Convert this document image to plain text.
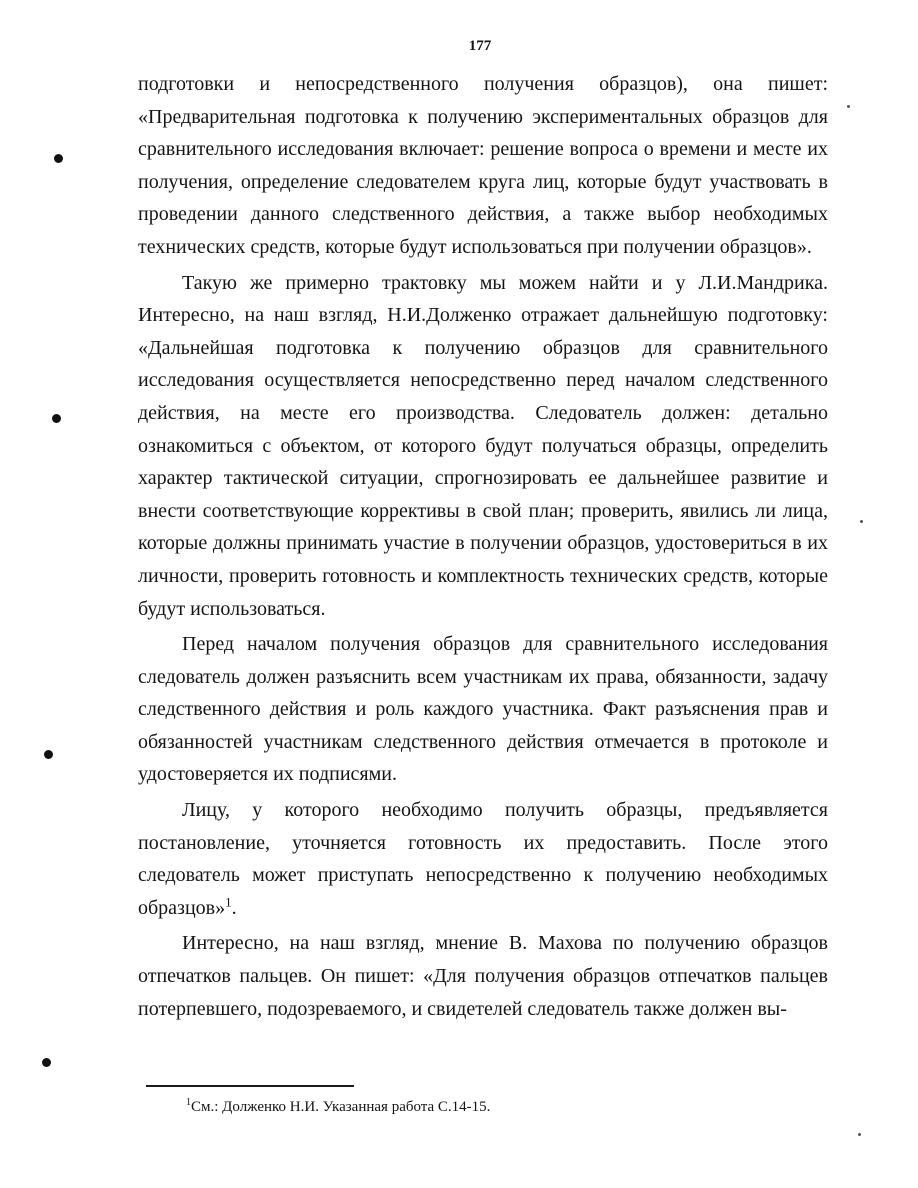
177

подготовки и непосредственного получения образцов), она пишет: «Предварительная подготовка к получению экспериментальных образцов для сравнительного исследования включает: решение вопроса о времени и месте их получения, определение следователем круга лиц, которые будут участвовать в проведении данного следственного действия, а также выбор необходимых технических средств, которые будут использоваться при получении образцов».

Такую же примерно трактовку мы можем найти и у Л.И.Мандрика. Интересно, на наш взгляд, Н.И.Долженко отражает дальнейшую подготовку: «Дальнейшая подготовка к получению образцов для сравнительного исследования осуществляется непосредственно перед началом следственного действия, на месте его производства. Следователь должен: детально ознакомиться с объектом, от которого будут получаться образцы, определить характер тактической ситуации, спрогнозировать ее дальнейшее развитие и внести соответствующие коррективы в свой план; проверить, явились ли лица, которые должны принимать участие в получении образцов, удостовериться в их личности, проверить готовность и комплектность технических средств, которые будут использоваться.

Перед началом получения образцов для сравнительного исследования следователь должен разъяснить всем участникам их права, обязанности, задачу следственного действия и роль каждого участника. Факт разъяснения прав и обязанностей участникам следственного действия отмечается в протоколе и удостоверяется их подписями.

Лицу, у которого необходимо получить образцы, предъявляется постановление, уточняется готовность их предоставить. После этого следователь может приступать непосредственно к получению необходимых образцов»$^1$.

Интересно, на наш взгляд, мнение В. Махова по получению образцов отпечатков пальцев. Он пишет: «Для получения образцов отпечатков пальцев потерпевшего, подозреваемого, и свидетелей следователь также должен вы-

$^1$См.: Долженко Н.И. Указанная работа С.14-15.
